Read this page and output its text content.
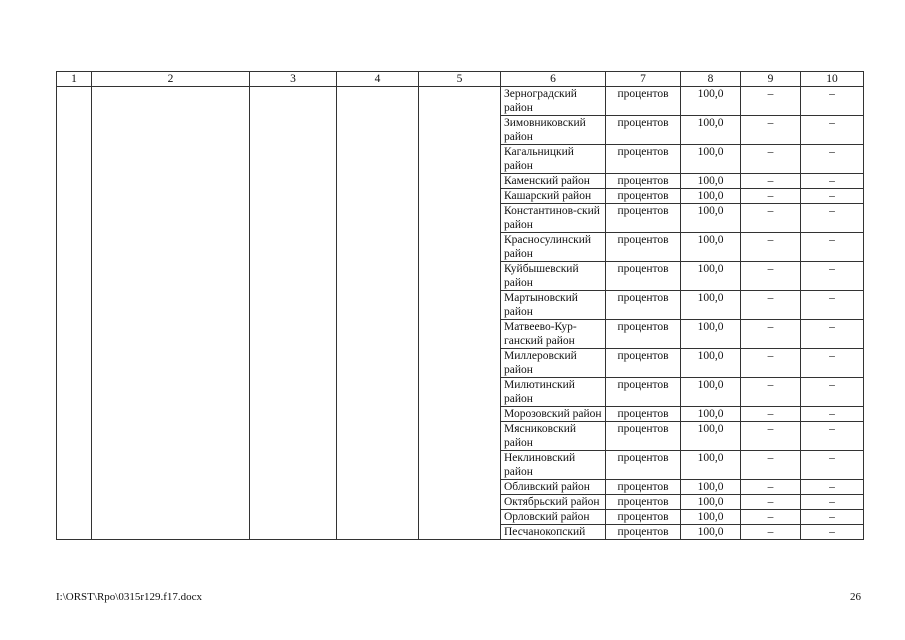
1	2	3	4	5	6	7	8	9	10
					Зерноградский район	процентов	100,0	–	–
					Зимовниковский район	процентов	100,0	–	–
					Кагальницкий район	процентов	100,0	–	–
					Каменский район	процентов	100,0	–	–
					Кашарский район	процентов	100,0	–	–
					Константинов-ский район	процентов	100,0	–	–
					Красносулинский район	процентов	100,0	–	–
					Куйбышевский район	процентов	100,0	–	–
					Мартыновский район	процентов	100,0	–	–
					Матвеево-Кур-ганский район	процентов	100,0	–	–
					Миллеровский район	процентов	100,0	–	–
					Милютинский район	процентов	100,0	–	–
					Морозовский район	процентов	100,0	–	–
					Мясниковский район	процентов	100,0	–	–
					Неклиновский район	процентов	100,0	–	–
					Обливский район	процентов	100,0	–	–
					Октябрьский район	процентов	100,0	–	–
					Орловский район	процентов	100,0	–	–
					Песчанокопский	процентов	100,0	–	–
I:\ORST\Rpo\0315r129.f17.docx	26
